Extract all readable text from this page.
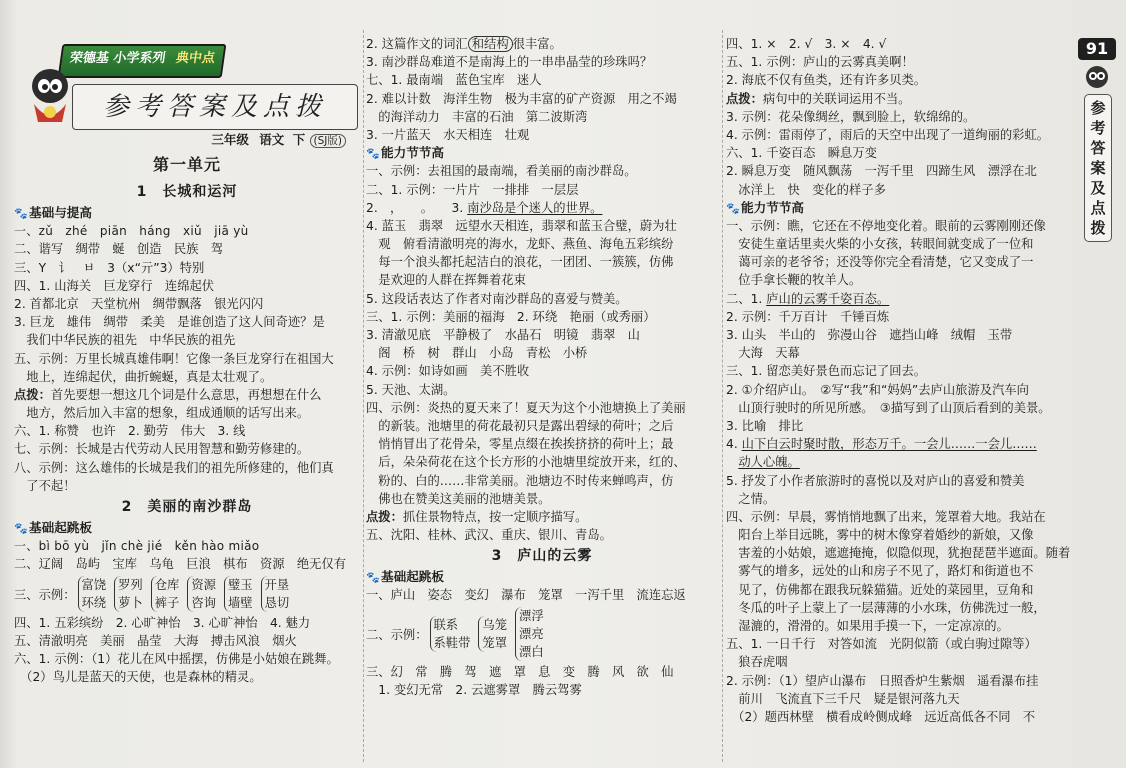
荣德基 小学系列 典中点
参考答案及点拨
三年级 语文 下 (SJ版)
第一单元
1　长城和运河
🐾基础与提高
一、zǔ　zhé　piān　háng　xiǔ　jiā yù
二、谐写　绸带　蜒　创造　民族　驾
三、Y　讠　ㅂ　3（x“亓”3）特别
四、1. 山海关　巨龙穿行　连绵起伏
2. 首都北京　天堂杭州　绸带飘落　银光闪闪
3. 巨龙　雄伟　绸带　柔美　是谁创造了这人间奇迹？是
　我们中华民族的祖先　中华民族的祖先
五、示例：万里长城真雄伟啊！它像一条巨龙穿行在祖国大
　地上，连绵起伏，曲折蜿蜒，真是太壮观了。
点拨：首先要想一想这几个词是什么意思，再想想在什么
　地方，然后加入丰富的想象，组成通顺的话写出来。
六、1. 称赞　也许　2. 勤劳　伟大　3. 线
七、示例：长城是古代劳动人民用智慧和勤劳修建的。
八、示例：这么雄伟的长城是我们的祖先所修建的，他们真
　了不起！
2　美丽的南沙群岛
🐾基础起跳板
一、bì bō yù　jǐn chè jié　kěn hào miǎo
二、辽阔　岛屿　宝库　乌龟　巨浪　棋布　资源　绝无仅有
三、示例：
富饶
环绕
罗列
萝卜
仓库
裤子
资源
咨询
璧玉
墙壁
开垦
恳切
四、1. 五彩缤纷　2. 心旷神怡　3. 心旷神怡　4. 魅力
五、清澈明亮　美丽　晶莹　大海　搏击风浪　烟火
六、1. 示例：（1）花儿在风中摇摆，仿佛是小姑娘在跳舞。
　（2）鸟儿是蓝天的天使，也是森林的精灵。
2. 这篇作文的词汇 和结构 很丰富。
3. 南沙群岛难道不是南海上的一串串晶莹的珍珠吗？
七、1. 最南端　蓝色宝库　迷人
2. 难以计数　海洋生物　极为丰富的矿产资源　用之不竭
　的海洋动力　丰富的石油　第二波斯湾
3. 一片蓝天　水天相连　壮观
🐾能力节节高
一、示例：去祖国的最南端，看美丽的南沙群岛。
二、1. 示例：一片片　一排排　一层层
2.　，　　。　　3. 南沙岛是个迷人的世界。
4. 蓝玉　翡翠　远望水天相连，翡翠和蓝玉合璧，蔚为壮
　观　俯看清澈明亮的海水，龙虾、燕鱼、海龟五彩缤纷
　每一个浪头都托起洁白的浪花，一团团、一簇簇，仿佛
　是欢迎的人群在挥舞着花束
5. 这段话表达了作者对南沙群岛的喜爱与赞美。
三、1. 示例：美丽的福海　2. 环绕　艳丽（或秀丽）
3. 清澈见底　平静极了　水晶石　明镜　翡翠　山
　阁　桥　树　群山　小岛　青松　小桥
4. 示例：如诗如画　美不胜收
5. 天池、太湖。
四、示例：炎热的夏天来了！夏天为这个小池塘换上了美丽
　的新装。池塘里的荷花最初只是露出碧绿的荷叶；之后
　悄悄冒出了花骨朵，零星点缀在挨挨挤挤的荷叶上；最
　后，朵朵荷花在这个长方形的小池塘里绽放开来，红的、
　粉的、白的……非常美丽。池塘边不时传来蝉鸣声，仿
　佛也在赞美这美丽的池塘美景。
点拨：抓住景物特点，按一定顺序描写。
五、沈阳、桂林、武汉、重庆、银川、青岛。
3　庐山的云雾
🐾基础起跳板
一、庐山　姿态　变幻　瀑布　笼罩　一泻千里　流连忘返
二、示例：
联系
系鞋带
乌笼
笼罩
漂浮
漂亮
漂白
三、幻　常　腾　驾　遮　罩　息　变　腾　风　欲　仙
　1. 变幻无常　2. 云遮雾罩　腾云驾雾
四、1. ×　2. √　3. ×　4. √
五、1. 示例：庐山的云雾真美啊！
2. 海底不仅有鱼类，还有许多贝类。
点拨：病句中的关联词运用不当。
3. 示例：花朵像绸丝，飘到脸上，软绵绵的。
4. 示例：雷雨停了，雨后的天空中出现了一道绚丽的彩虹。
六、1. 千姿百态　瞬息万变
2. 瞬息万变　随风飘荡　一泻千里　四蹄生风　漂浮在北
　冰洋上　快　变化的样子多
🐾能力节节高
一、示例：瞧，它还在不停地变化着。眼前的云雾刚刚还像
　安徒生童话里卖火柴的小女孩，转眼间就变成了一位和
　蔼可亲的老爷爷；还没等你完全看清楚，它又变成了一
　位手拿长鞭的牧羊人。
二、1. 庐山的云雾千姿百态。
2. 示例：千万百计　千锤百炼
3. 山头　半山的　弥漫山谷　遮挡山峰　绒帽　玉带
　大海　天幕
三、1. 留恋美好景色而忘记了回去。
2. ①介绍庐山。　②写“我”和“妈妈”去庐山旅游及汽车向
　山顶行驶时的所见所感。　③描写到了山顶后看到的美景。
3. 比喻　排比
4. 山下白云时聚时散，形态万千。一会儿……一会儿……
　动人心魄。
5. 抒发了小作者旅游时的喜悦以及对庐山的喜爱和赞美
　之情。
四、示例：早晨，雾悄悄地飘了出来，笼罩着大地。我站在
　阳台上举目远眺，雾中的树木像穿着婚纱的新娘，又像
　害羞的小姑娘，遮遮掩掩，似隐似现，犹抱琵琶半遮面。随着
　雾气的增多，远处的山和房子不见了，路灯和街道也不
　见了，仿佛都在跟我玩躲猫猫。近处的菜园里，豆角和
　冬瓜的叶子上蒙上了一层薄薄的小水珠，仿佛洗过一般，
　湿漉的，滑滑的。如果用手摸一下，一定凉凉的。
五、1. 一日千行　对答如流　光阴似箭（或白驹过隙等）
　狼吞虎咽
2. 示例：（1）望庐山瀑布　日照香炉生紫烟　遥看瀑布挂
　前川　飞流直下三千尺　疑是银河落九天
　（2）题西林壁　横看成岭侧成峰　远近高低各不同　不
91
参考答案及点拨
